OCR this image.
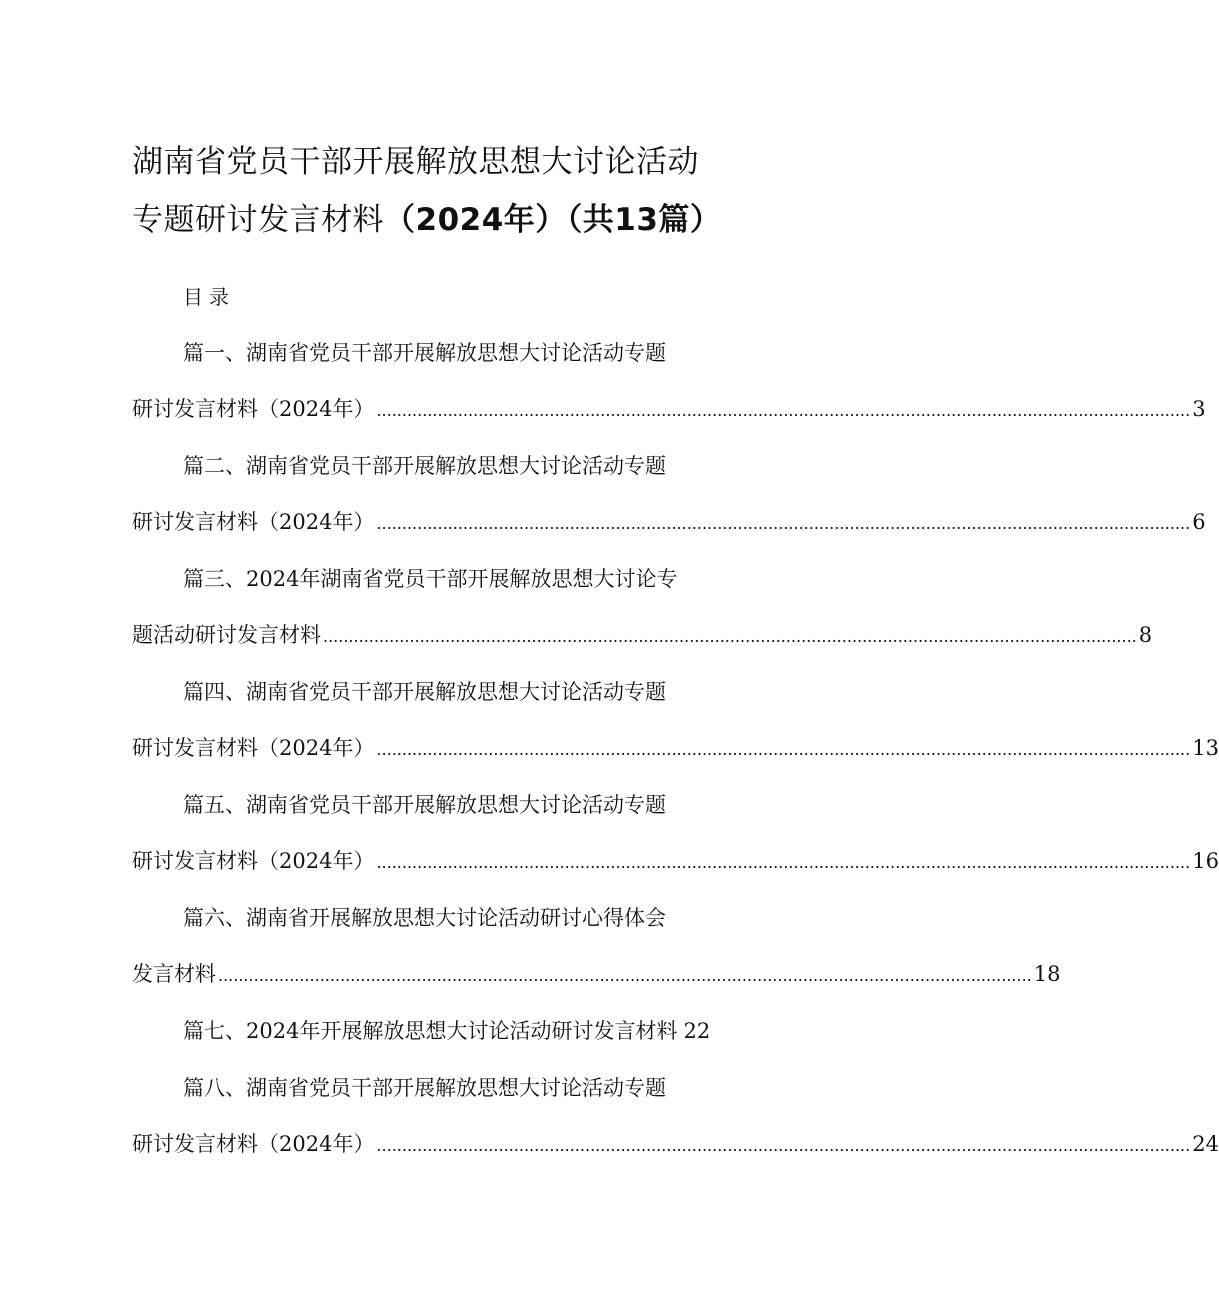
湖南省党员干部开展解放思想大讨论活动
专题研讨发言材料（2024年）（共13篇）
目录
篇一、湖南省党员干部开展解放思想大讨论活动专题
研讨发言材料（2024年） ................................................................................................................................................................ 3
篇二、湖南省党员干部开展解放思想大讨论活动专题
研讨发言材料（2024年） ................................................................................................................................................................ 6
篇三、2024年湖南省党员干部开展解放思想大讨论专
题活动研讨发言材料 ................................................................................................................................................................ 8
篇四、湖南省党员干部开展解放思想大讨论活动专题
研讨发言材料（2024年） ................................................................................................................................................................ 13
篇五、湖南省党员干部开展解放思想大讨论活动专题
研讨发言材料（2024年） ................................................................................................................................................................ 16
篇六、湖南省开展解放思想大讨论活动研讨心得体会
发言材料 ................................................................................................................................................................ 18
篇七、2024年开展解放思想大讨论活动研讨发言材料 22
篇八、湖南省党员干部开展解放思想大讨论活动专题
研讨发言材料（2024年） ................................................................................................................................................................ 24
